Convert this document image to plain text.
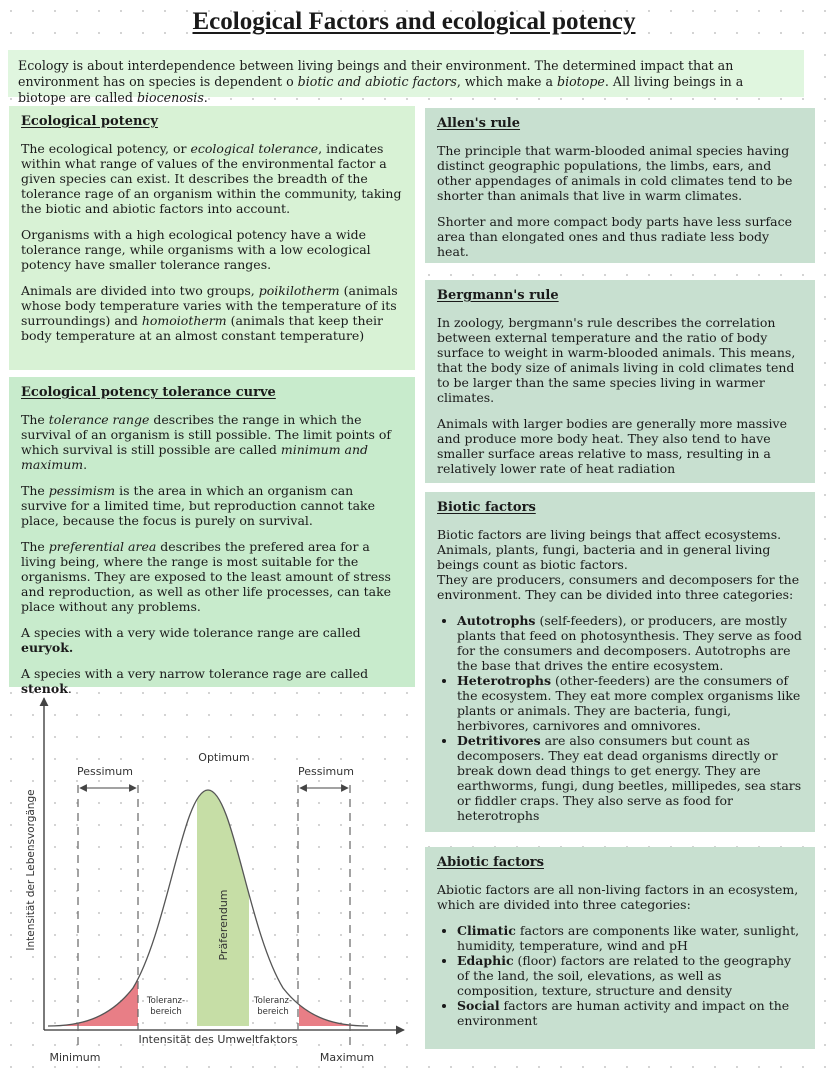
Ecological Factors and ecological potency

Ecology is about interdependence between living beings and their environment. The determined impact that an environment has on species is dependent o biotic and abiotic factors, which make a biotope. All living beings in a biotope are called biocenosis.

Ecological potency

The ecological potency, or ecological tolerance, indicates within what range of values of the environmental factor a given species can exist. It describes the breadth of the tolerance rage of an organism within the community, taking the biotic and abiotic factors into account.

Organisms with a high ecological potency have a wide tolerance range, while organisms with a low ecological potency have smaller tolerance ranges.

Animals are divided into two groups, poikilotherm (animals whose body temperature varies with the temperature of its surroundings) and homoiotherm (animals that keep their body temperature at an almost constant temperature)

Ecological potency tolerance curve

The tolerance range describes the range in which the survival of an organism is still possible. The limit points of which survival is still possible are called minimum and maximum.

The pessimism is the area in which an organism can survive for a limited time, but reproduction cannot take place, because the focus is purely on survival.

The preferential area describes the prefered area for a living being, where the range is most suitable for the organisms. They are exposed to the least amount of stress and reproduction, as well as other life processes, can take place without any problems.

A species with a very wide tolerance range are called euryok.

A species with a very narrow tolerance rage are called stenok.

Optimum
Pessimum	Pessimum
Präferendum
Intensität der Lebensvorgänge
Toleranz-
bereich
Toleranz-
bereich
Intensität des Umweltfaktors
Minimum	Maximum
Allen's rule

The principle that warm-blooded animal species having distinct geographic populations, the limbs, ears, and other appendages of animals in cold climates tend to be shorter than animals that live in warm climates.

Shorter and more compact body parts have less surface area than elongated ones and thus radiate less body heat.

Bergmann's rule

In zoology, bergmann's rule describes the correlation between external temperature and the ratio of body surface to weight in warm-blooded animals. This means, that the body size of animals living in cold climates tend to be larger than the same species living in warmer climates.

Animals with larger bodies are generally more massive and produce more body heat. They also tend to have smaller surface areas relative to mass, resulting in a relatively lower rate of heat radiation

Biotic factors

Biotic factors are living beings that affect ecosystems. Animals, plants, fungi, bacteria and in general living beings count as biotic factors.

They are producers, consumers and decomposers for the environment. They can be divided into three categories:

• Autotrophs (self-feeders), or producers, are mostly plants that feed on photosynthesis. They serve as food for the consumers and decomposers. Autotrophs are the base that drives the entire ecosystem.
• Heterotrophs (other-feeders) are the consumers of the ecosystem. They eat more complex organisms like plants or animals. They are bacteria, fungi, herbivores, carnivores and omnivores.
• Detritivores are also consumers but count as decomposers. They eat dead organisms directly or break down dead things to get energy. They are earthworms, fungi, dung beetles, millipedes, sea stars or fiddler craps. They also serve as food for heterotrophs
Abiotic factors

Abiotic factors are all non-living factors in an ecosystem, which are divided into three categories:

• Climatic factors are components like water, sunlight, humidity, temperature, wind and pH
• Edaphic (floor) factors are related to the geography of the land, the soil, elevations, as well as composition, texture, structure and density
• Social factors are human activity and impact on the environment
